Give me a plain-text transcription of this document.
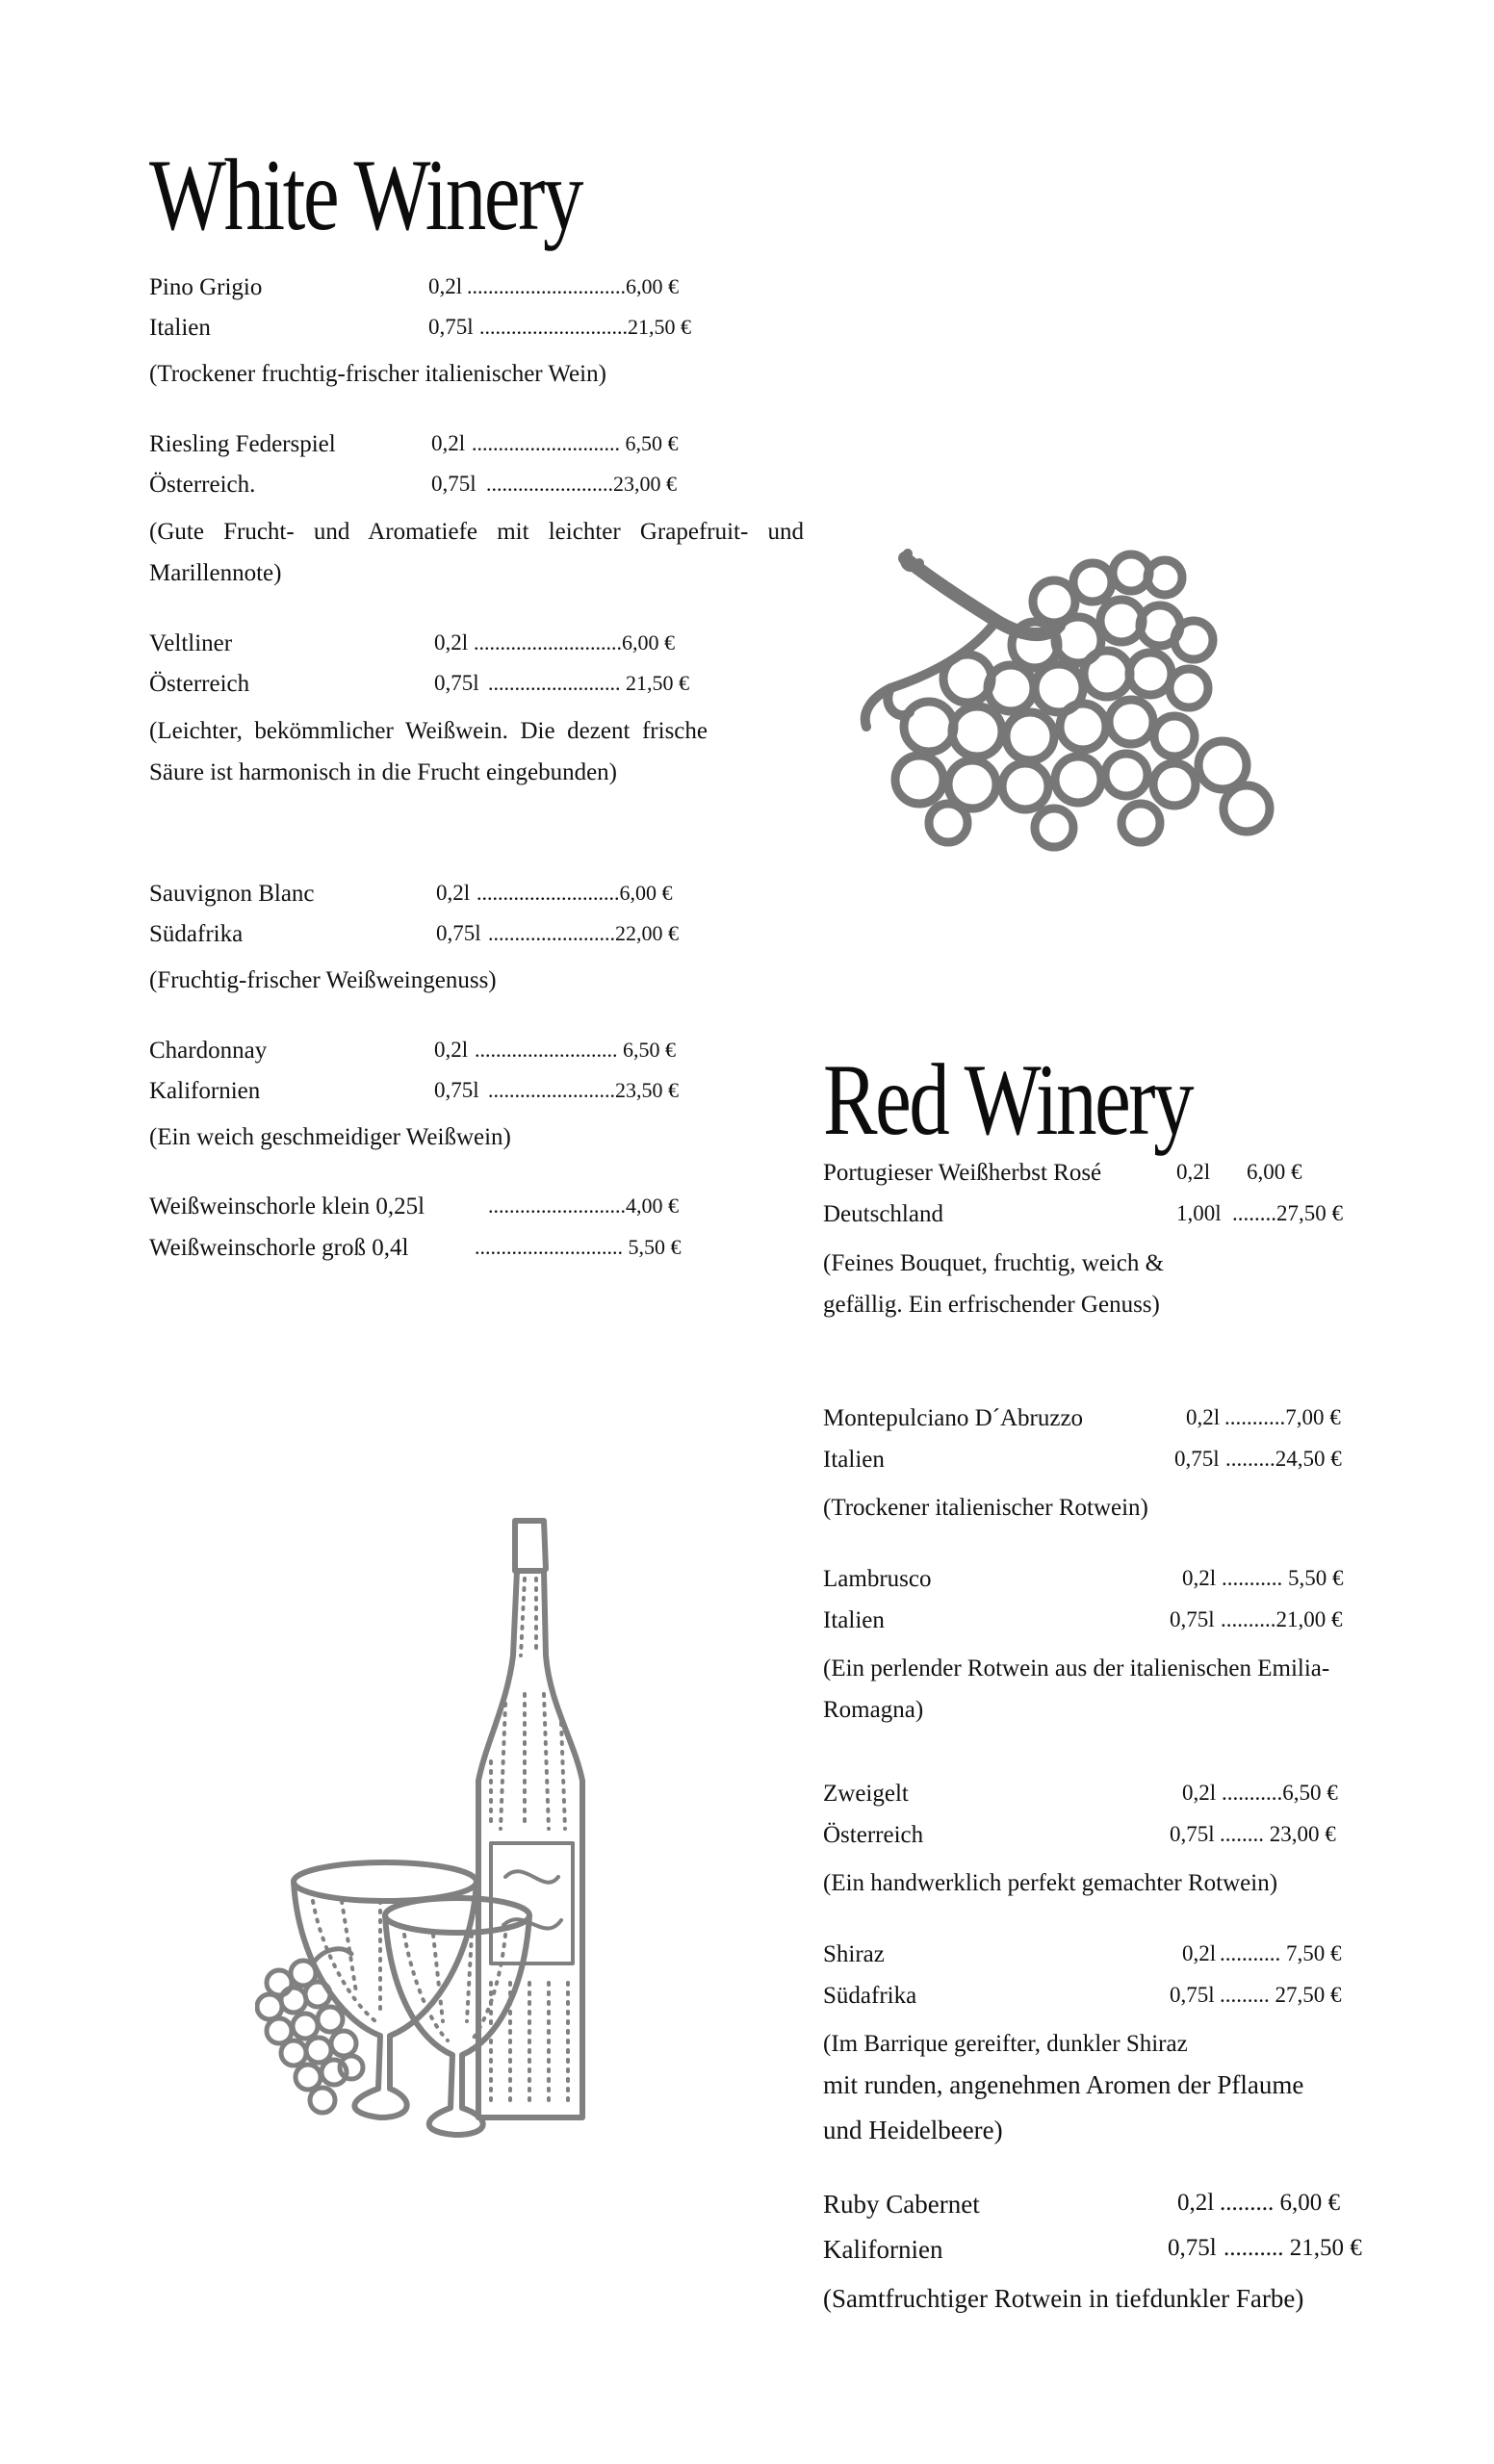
White Winery
Pino Grigio	0,2l ..............................6,00 €
Italien	0,75l ............................21,50 €
(Trockener fruchtig-frischer italienischer Wein)
Riesling Federspiel	0,2l ............................ 6,50 €
Österreich.	0,75l ........................23,00 €
(Gute Frucht- und Aromatiefe mit leichter Grapefruit- und Marillennote)
Veltliner	0,2l ............................6,00 €
Österreich	0,75l ......................... 21,50 €
(Leichter, bekömmlicher Weißwein. Die dezent frische Säure ist harmonisch in die Frucht eingebunden)
Sauvignon Blanc	0,2l ...........................6,00 €
Südafrika	0,75l ........................22,00 €
(Fruchtig-frischer Weißweingenuss)
Chardonnay	0,2l ........................... 6,50 €
Kalifornien	0,75l ........................23,50 €
(Ein weich geschmeidiger Weißwein)
Weißweinschorle klein 0,25l	..........................4,00 €
Weißweinschorle groß 0,4l	............................ 5,50 €
Red Winery
Portugieser Weißherbst Rosé	0,2l 6,00 €
Deutschland	1,00l ........27,50 €
(Feines Bouquet, fruchtig, weich & gefällig. Ein erfrischender Genuss)
Montepulciano D´Abruzzo	0,2l ...........7,00 €
Italien	0,75l .........24,50 €
(Trockener italienischer Rotwein)
Lambrusco	0,2l ........... 5,50 €
Italien	0,75l ..........21,00 €
(Ein perlender Rotwein aus der italienischen Emilia- Romagna)
Zweigelt	0,2l ...........6,50 €
Österreich	0,75l ........ 23,00 €
(Ein handwerklich perfekt gemachter Rotwein)
Shiraz	0,2l ........... 7,50 €
Südafrika	0,75l ......... 27,50 €
(Im Barrique gereifter, dunkler Shiraz
mit runden, angenehmen Aromen der Pflaume und Heidelbeere)
Ruby Cabernet	0,2l ......... 6,00 €
Kalifornien	0,75l .......... 21,50 €
(Samtfruchtiger Rotwein in tiefdunkler Farbe)
